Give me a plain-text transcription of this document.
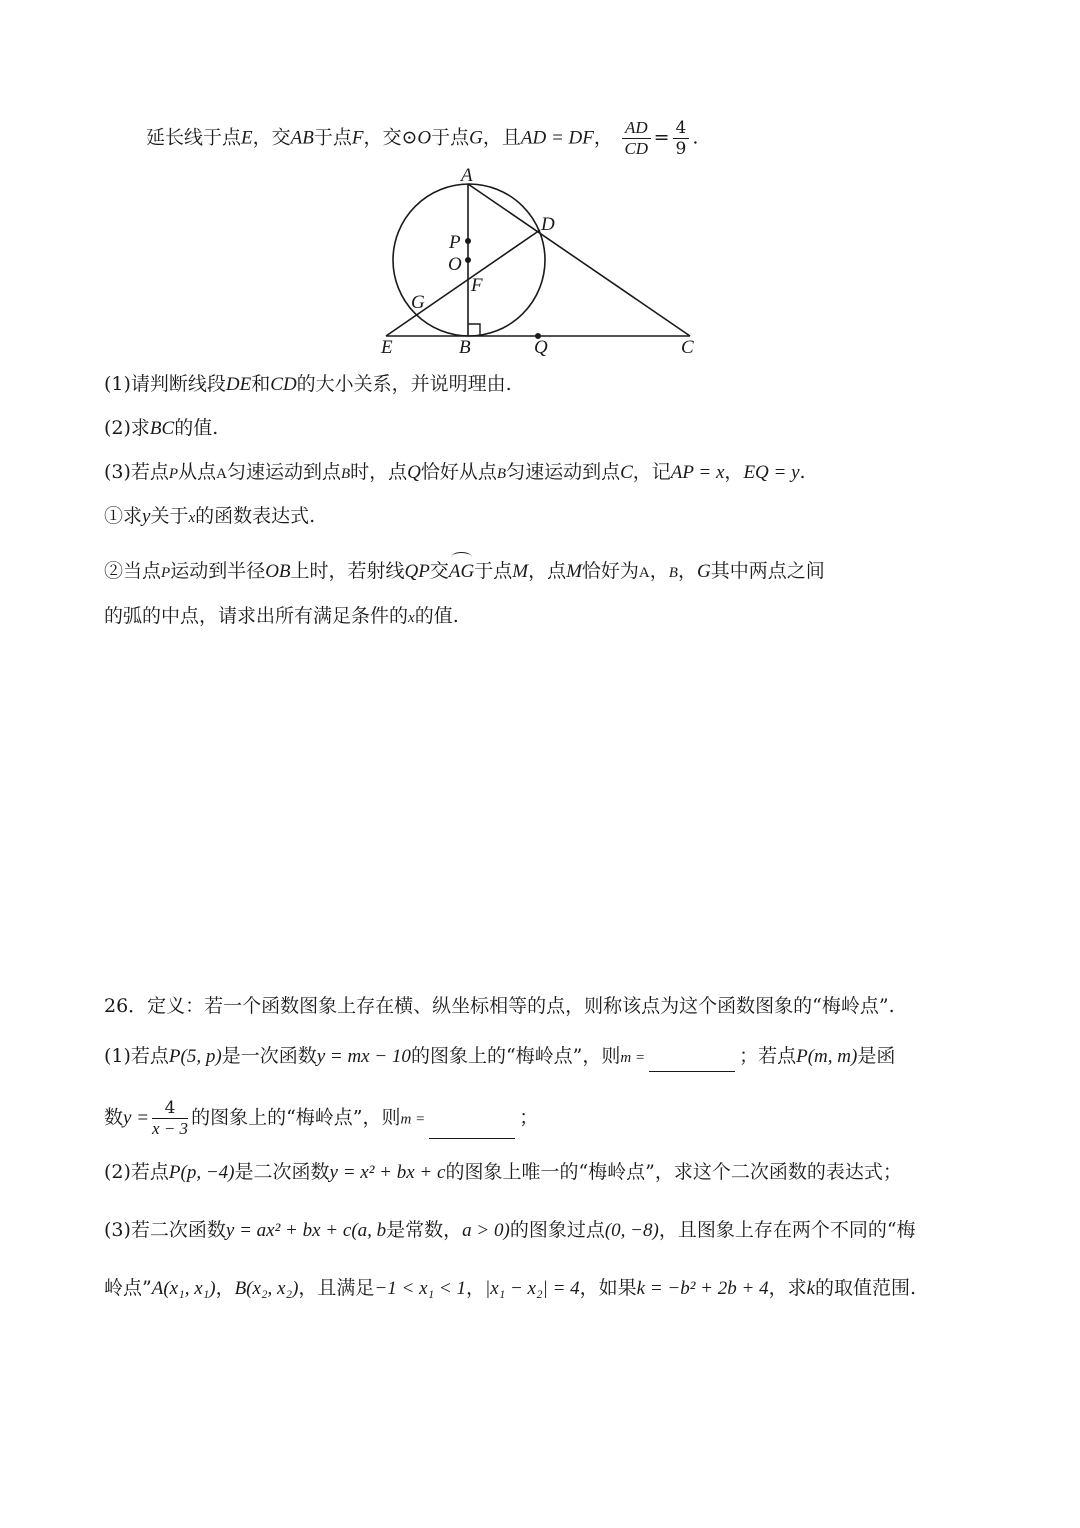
延长线于点E，交AB于点F，交⊙O于点G，且AD = DF， $\frac{AD}{CD} = \frac{4}{9}$ .
A
D
P
O
F
G
E	B	Q	C
(1)请判断线段DE和CD的大小关系，并说明理由.
(2)求BC的值.
(3)若点P从点A匀速运动到点B时，点Q恰好从点B匀速运动到点C，记AP = x，EQ = y.
①求y关于x的函数表达式.
②当点P运动到半径OB上时，若射线QP交AG于点M，点M恰好为A，B，G其中两点之间
的弧的中点，请求出所有满足条件的x的值.
26．定义：若一个函数图象上存在横、纵坐标相等的点，则称该点为这个函数图象的“梅岭点”.
(1)若点P(5, p)是一次函数y = mx − 10的图象上的“梅岭点”，则m =	；若点P(m, m)是函
数$y = \frac{4}{x - 3}$ 的图象上的“梅岭点”，则m =	；
(2)若点P(p, −4)是二次函数y = x² + bx + c的图象上唯一的“梅岭点”，求这个二次函数的表达式；
(3)若二次函数y = ax² + bx + c(a, b是常数，a > 0)的图象过点(0, −8)，且图象上存在两个不同的“梅
岭点”A(x₁, x₁)，B(x₂, x₂)，且满足−1 < x₁ < 1，|x₁ − x₂| = 4，如果k = −b² + 2b + 4，求k的取值范围.
